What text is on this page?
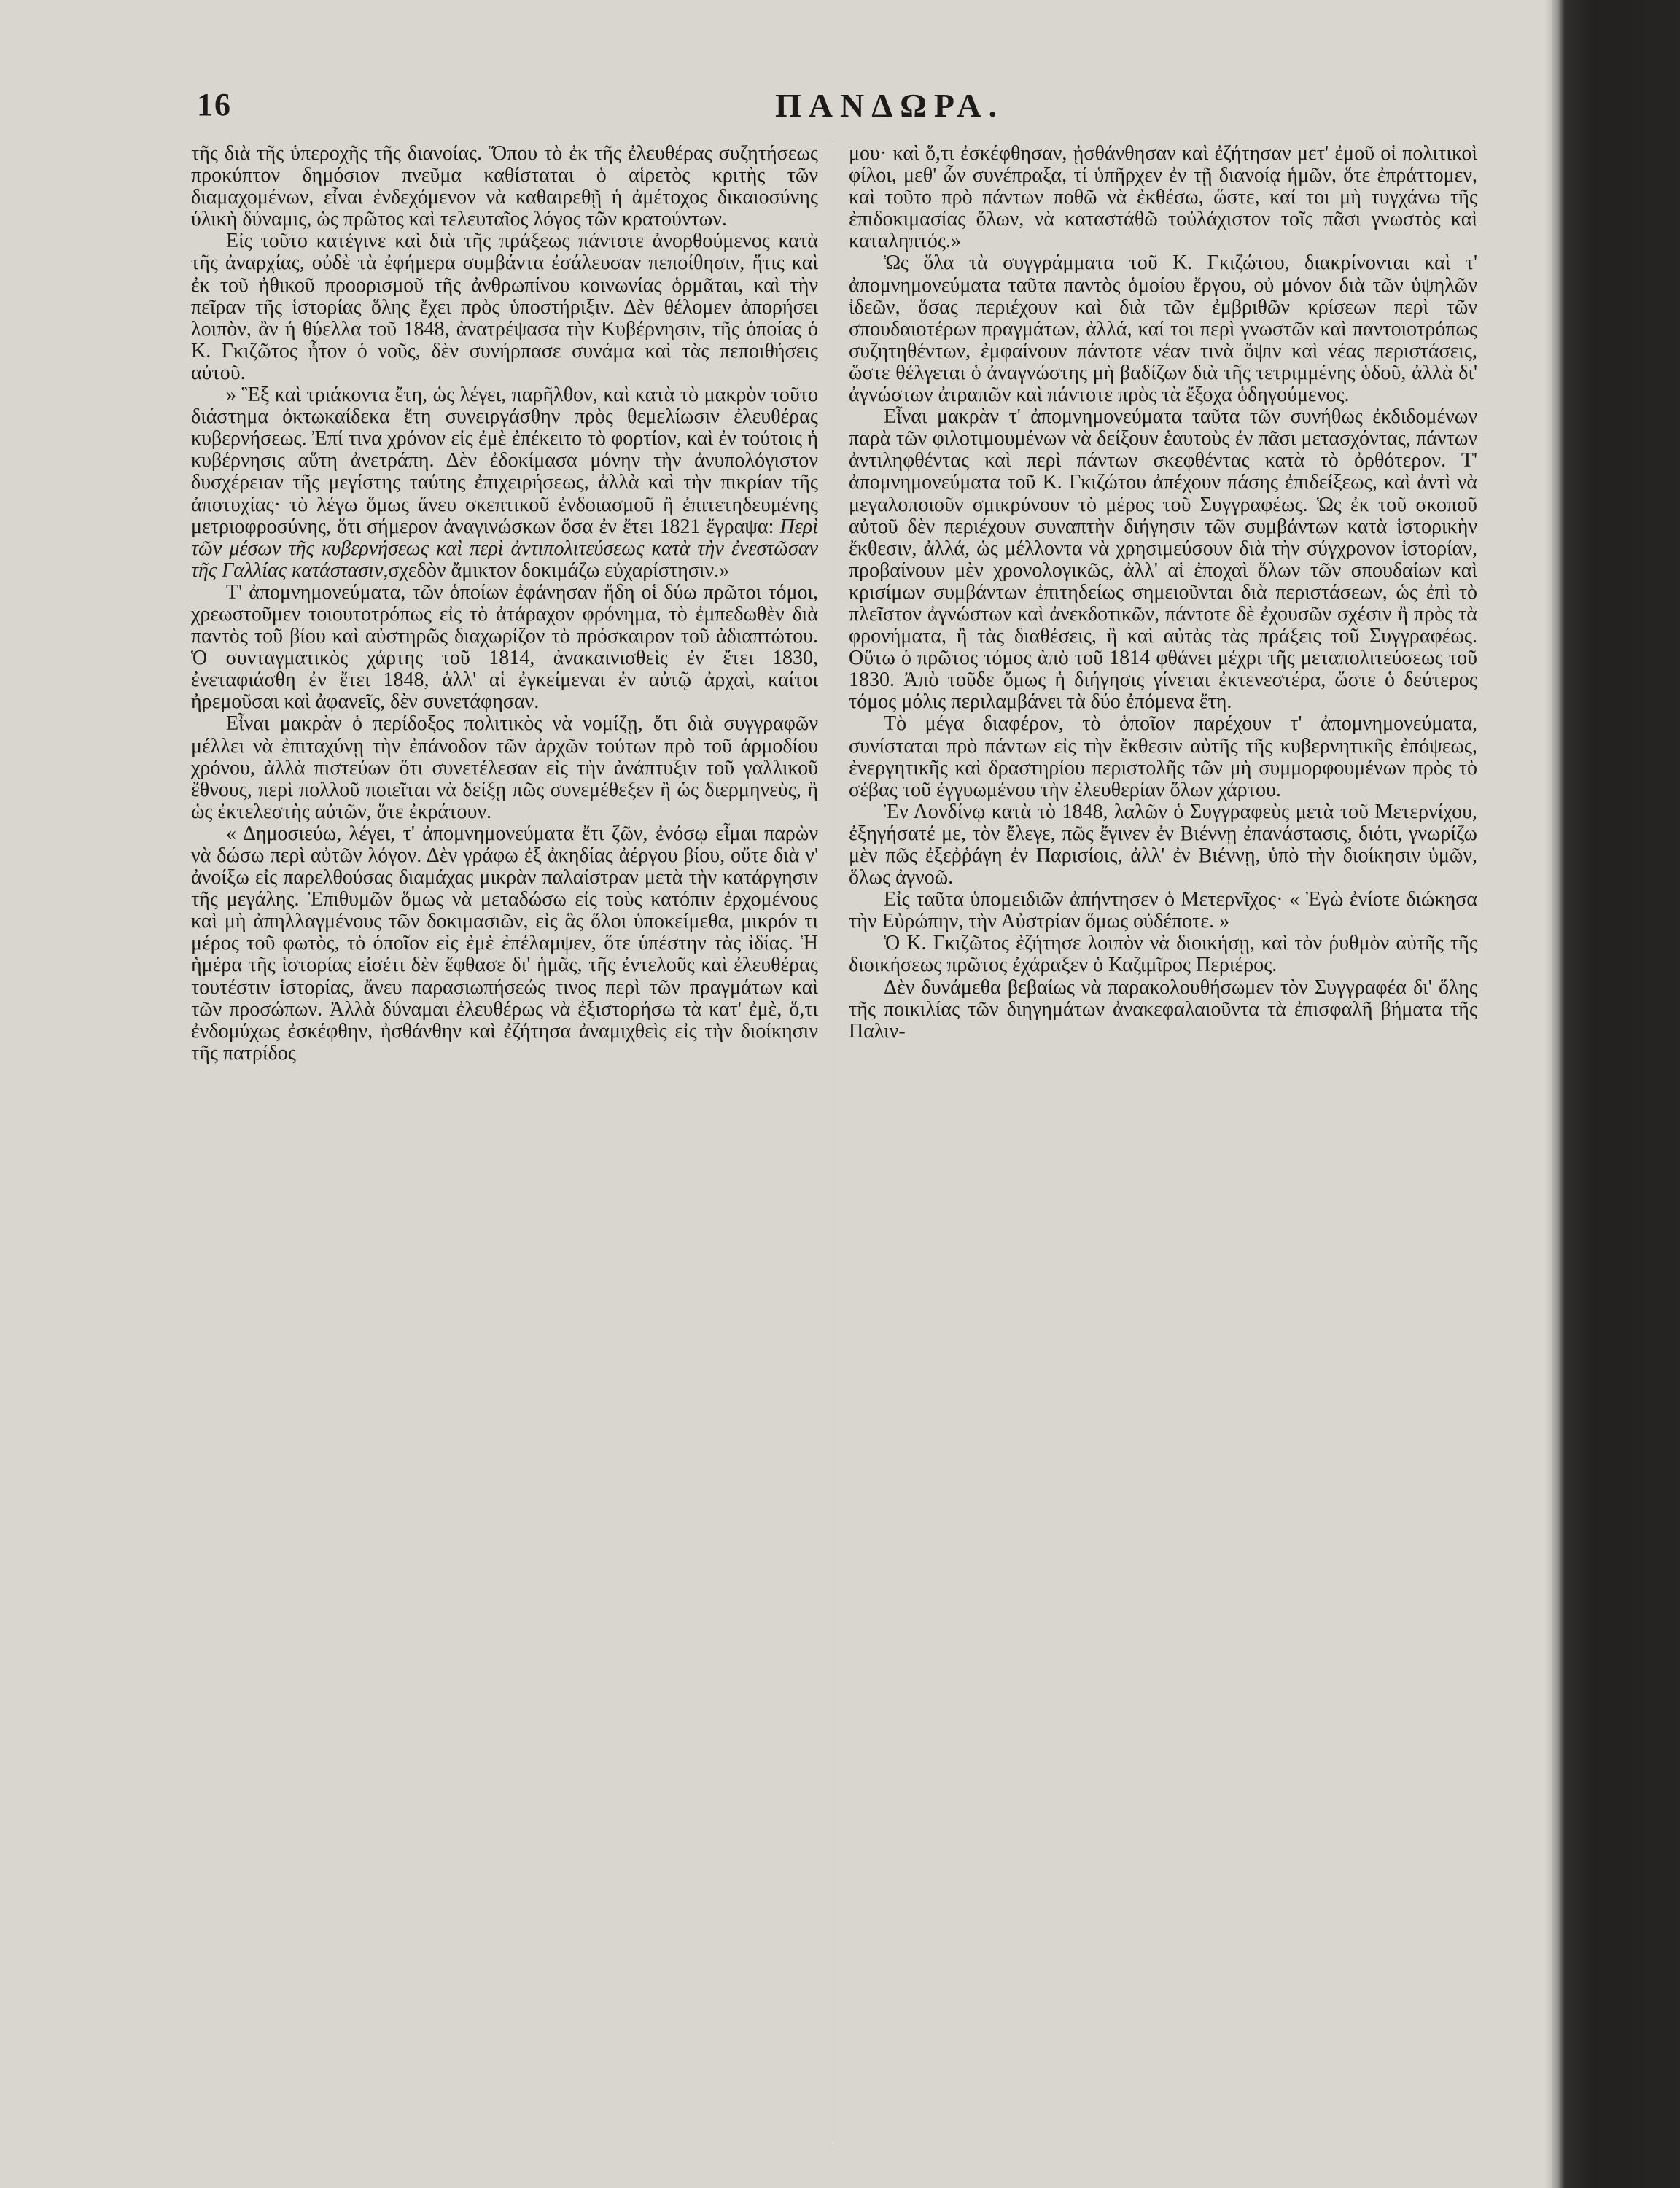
16	ΠΑΝΔΩΡΑ.

τῆς διὰ τῆς ὑπεροχῆς τῆς διανοίας. Ὅπου τὸ ἐκ τῆς ἐλευθέρας συζητήσεως προκύπτον δημόσιον πνεῦμα καθίσταται ὁ αἱρετὸς κριτὴς τῶν διαμαχομένων, εἶναι ἐνδεχόμενον νὰ καθαιρεθῇ ἡ ἀμέτοχος δικαιοσύνης ὑλικὴ δύναμις, ὡς πρῶτος καὶ τελευταῖος λόγος τῶν κρατούντων.

Εἰς τοῦτο κατέγινε καὶ διὰ τῆς πράξεως πάντοτε ἀνορθούμενος κατὰ τῆς ἀναρχίας, οὐδὲ τὰ ἐφήμερα συμβάντα ἐσάλευσαν πεποίθησιν, ἥτις καὶ ἐκ τοῦ ἠθικοῦ προορισμοῦ τῆς ἀνθρωπίνου κοινωνίας ὁρμᾶται, καὶ τὴν πεῖραν τῆς ἱστορίας ὅλης ἔχει πρὸς ὑποστήριξιν. Δὲν θέλομεν ἀπορήσει λοιπὸν, ἂν ἡ θύελλα τοῦ 1848, ἀνατρέψασα τὴν Κυβέρνησιν, τῆς ὁποίας ὁ Κ. Γκιζῶτος ἦτον ὁ νοῦς, δὲν συνήρπασε συνάμα καὶ τὰς πεποιθήσεις αὐτοῦ.

» Ἓξ καὶ τριάκοντα ἔτη, ὡς λέγει, παρῆλθον, καὶ κατὰ τὸ μακρὸν τοῦτο διάστημα ὀκτωκαίδεκα ἔτη συνειργάσθην πρὸς θεμελίωσιν ἐλευθέρας κυβερνήσεως. Ἐπί τινα χρόνον εἰς ἐμὲ ἐπέκειτο τὸ φορτίον, καὶ ἐν τούτοις ἡ κυβέρνησις αὕτη ἀνετράπη. Δὲν ἐδοκίμασα μόνην τὴν ἀνυπολόγιστον δυσχέρειαν τῆς μεγίστης ταύτης ἐπιχειρήσεως, ἀλλὰ καὶ τὴν πικρίαν τῆς ἀποτυχίας· τὸ λέγω ὅμως ἄνευ σκεπτικοῦ ἐνδοιασμοῦ ἢ ἐπιτετηδευμένης μετριοφροσύνης, ὅτι σήμερον ἀναγινώσκων ὅσα ἐν ἔτει 1821 ἔγραψα: Περὶ τῶν μέσων τῆς κυβερνήσεως καὶ περὶ ἀντιπολιτεύσεως κατὰ τὴν ἐνεστῶσαν τῆς Γαλλίας κατάστασιν,σχεδὸν ἄμικτον δοκιμάζω εὐχαρίστησιν.»

Τ' ἀπομνημονεύματα, τῶν ὁποίων ἐφάνησαν ἤδη οἱ δύω πρῶτοι τόμοι, χρεωστοῦμεν τοιουτοτρόπως εἰς τὸ ἀτάραχον φρόνημα, τὸ ἐμπεδωθὲν διὰ παντὸς τοῦ βίου καὶ αὐστηρῶς διαχωρίζον τὸ πρόσκαιρον τοῦ ἀδιαπτώτου. Ὁ συνταγματικὸς χάρτης τοῦ 1814, ἀνακαινισθεὶς ἐν ἔτει 1830, ἐνεταφιάσθη ἐν ἔτει 1848, ἀλλ' αἱ ἐγκείμεναι ἐν αὐτῷ ἀρχαὶ, καίτοι ἠρεμοῦσαι καὶ ἀφανεῖς, δὲν συνετάφησαν.

Εἶναι μακρὰν ὁ περίδοξος πολιτικὸς νὰ νομίζῃ, ὅτι διὰ συγγραφῶν μέλλει νὰ ἐπιταχύνῃ τὴν ἐπάνοδον τῶν ἀρχῶν τούτων πρὸ τοῦ ἁρμοδίου χρόνου, ἀλλὰ πιστεύων ὅτι συνετέλεσαν εἰς τὴν ἀνάπτυξιν τοῦ γαλλικοῦ ἔθνους, περὶ πολλοῦ ποιεῖται νὰ δείξῃ πῶς συνεμέθεξεν ἢ ὡς διερμηνεὺς, ἢ ὡς ἐκτελεστὴς αὐτῶν, ὅτε ἐκράτουν.

« Δημοσιεύω, λέγει, τ' ἀπομνημονεύματα ἔτι ζῶν, ἐνόσῳ εἶμαι παρὼν νὰ δώσω περὶ αὐτῶν λόγον. Δὲν γράφω ἐξ ἀκηδίας ἀέργου βίου, οὔτε διὰ ν' ἀνοίξω εἰς παρελθούσας διαμάχας μικρὰν παλαίστραν μετὰ τὴν κατάργησιν τῆς μεγάλης. Ἐπιθυμῶν ὅμως νὰ μεταδώσω εἰς τοὺς κατόπιν ἐρχομένους καὶ μὴ ἀπηλλαγμένους τῶν δοκιμασιῶν, εἰς ἃς ὅλοι ὑποκείμεθα, μικρόν τι μέρος τοῦ φωτὸς, τὸ ὁποῖον εἰς ἐμὲ ἐπέλαμψεν, ὅτε ὑπέστην τὰς ἰδίας. Ἡ ἡμέρα τῆς ἱστορίας εἰσέτι δὲν ἔφθασε δι' ἡμᾶς, τῆς ἐντελοῦς καὶ ἐλευθέρας τουτέστιν ἱστορίας, ἄνευ παρασιωπήσεώς τινος περὶ τῶν πραγμάτων καὶ τῶν προσώπων. Ἀλλὰ δύναμαι ἐλευθέρως νὰ ἐξιστορήσω τὰ κατ' ἐμὲ, ὅ,τι ἐνδομύχως ἐσκέφθην, ἠσθάνθην καὶ ἐζήτησα ἀναμιχθεὶς εἰς τὴν διοίκησιν τῆς πατρίδος

μου· καὶ ὅ,τι ἐσκέφθησαν, ᾐσθάνθησαν καὶ ἐζήτησαν μετ' ἐμοῦ οἱ πολιτικοὶ φίλοι, μεθ' ὧν συνέπραξα, τί ὑπῆρχεν ἐν τῇ διανοίᾳ ἡμῶν, ὅτε ἐπράττομεν, καὶ τοῦτο πρὸ πάντων ποθῶ νὰ ἐκθέσω, ὥστε, καί τοι μὴ τυγχάνω τῆς ἐπιδοκιμασίας ὅλων, νὰ καταστάθῶ τοὐλάχιστον τοῖς πᾶσι γνωστὸς καὶ καταληπτός.»

Ὡς ὅλα τὰ συγγράμματα τοῦ Κ. Γκιζώτου, διακρίνονται καὶ τ' ἀπομνημονεύματα ταῦτα παντὸς ὁμοίου ἔργου, οὐ μόνον διὰ τῶν ὑψηλῶν ἰδεῶν, ὅσας περιέχουν καὶ διὰ τῶν ἐμβριθῶν κρίσεων περὶ τῶν σπουδαιοτέρων πραγμάτων, ἀλλά, καί τοι περὶ γνωστῶν καὶ παντοιοτρόπως συζητηθέντων, ἐμφαίνουν πάντοτε νέαν τινὰ ὄψιν καὶ νέας περιστάσεις, ὥστε θέλγεται ὁ ἀναγνώστης μὴ βαδίζων διὰ τῆς τετριμμένης ὁδοῦ, ἀλλὰ δι' ἀγνώστων ἀτραπῶν καὶ πάντοτε πρὸς τὰ ἔξοχα ὁδηγούμενος.

Εἶναι μακρὰν τ' ἀπομνημονεύματα ταῦτα τῶν συνήθως ἐκδιδομένων παρὰ τῶν φιλοτιμουμένων νὰ δείξουν ἑαυτοὺς ἐν πᾶσι μετασχόντας, πάντων ἀντιληφθέντας καὶ περὶ πάντων σκεφθέντας κατὰ τὸ ὀρθότερον. Τ' ἀπομνημονεύματα τοῦ Κ. Γκιζώτου ἀπέχουν πάσης ἐπιδείξεως, καὶ ἀντὶ νὰ μεγαλοποιοῦν σμικρύνουν τὸ μέρος τοῦ Συγγραφέως. Ὡς ἐκ τοῦ σκοποῦ αὐτοῦ δὲν περιέχουν συναπτὴν διήγησιν τῶν συμβάντων κατὰ ἱστορικὴν ἔκθεσιν, ἀλλά, ὡς μέλλοντα νὰ χρησιμεύσουν διὰ τὴν σύγχρονον ἱστορίαν, προβαίνουν μὲν χρονολογικῶς, ἀλλ' αἱ ἐποχαὶ ὅλων τῶν σπουδαίων καὶ κρισίμων συμβάντων ἐπιτηδείως σημειοῦνται διὰ περιστάσεων, ὡς ἐπὶ τὸ πλεῖστον ἀγνώστων καὶ ἀνεκδοτικῶν, πάντοτε δὲ ἐχουσῶν σχέσιν ἢ πρὸς τὰ φρονήματα, ἢ τὰς διαθέσεις, ἢ καὶ αὐτὰς τὰς πράξεις τοῦ Συγγραφέως. Οὕτω ὁ πρῶτος τόμος ἀπὸ τοῦ 1814 φθάνει μέχρι τῆς μεταπολιτεύσεως τοῦ 1830. Ἀπὸ τοῦδε ὅμως ἡ διήγησις γίνεται ἐκτενεστέρα, ὥστε ὁ δεύτερος τόμος μόλις περιλαμβάνει τὰ δύο ἐπόμενα ἔτη.

Τὸ μέγα διαφέρον, τὸ ὁποῖον παρέχουν τ' ἀπομνημονεύματα, συνίσταται πρὸ πάντων εἰς τὴν ἔκθεσιν αὐτῆς τῆς κυβερνητικῆς ἐπόψεως, ἐνεργητικῆς καὶ δραστηρίου περιστολῆς τῶν μὴ συμμορφουμένων πρὸς τὸ σέβας τοῦ ἐγγυωμένου τὴν ἐλευθερίαν ὅλων χάρτου.

Ἐν Λονδίνῳ κατὰ τὸ 1848, λαλῶν ὁ Συγγραφεὺς μετὰ τοῦ Μετερνίχου, ἐξηγήσατέ με, τὸν ἔλεγε, πῶς ἔγινεν ἐν Βιέννῃ ἐπανάστασις, διότι, γνωρίζω μὲν πῶς ἐξεῤῥάγη ἐν Παρισίοις, ἀλλ' ἐν Βιέννῃ, ὑπὸ τὴν διοίκησιν ὑμῶν, ὅλως ἀγνοῶ.

Εἰς ταῦτα ὑπομειδιῶν ἀπήντησεν ὁ Μετερνῖχος· « Ἐγὼ ἐνίοτε διώκησα τὴν Εὐρώπην, τὴν Αὐστρίαν ὅμως οὐδέποτε. »

Ὁ Κ. Γκιζῶτος ἐζήτησε λοιπὸν νὰ διοικήσῃ, καὶ τὸν ῥυθμὸν αὐτῆς τῆς διοικήσεως πρῶτος ἐχάραξεν ὁ Καζιμῖρος Περιέρος.

Δὲν δυνάμεθα βεβαίως νὰ παρακολουθήσωμεν τὸν Συγγραφέα δι' ὅλης τῆς ποικιλίας τῶν διηγημάτων ἀνακεφαλαιοῦντα τὰ ἐπισφαλῆ βήματα τῆς Παλιν-
